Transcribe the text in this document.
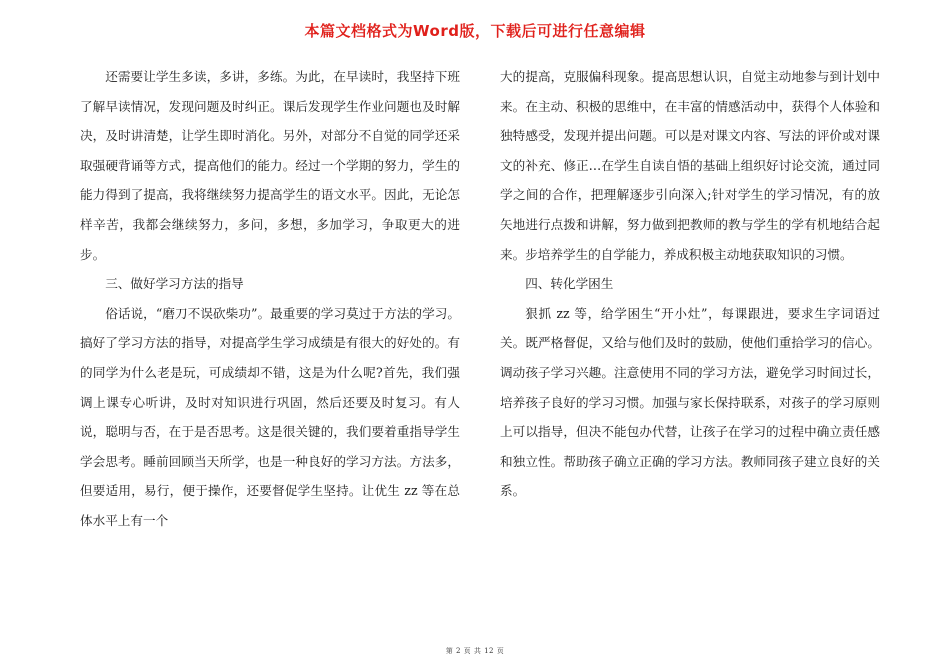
本篇文档格式为Word版，下载后可进行任意编辑

还需要让学生多读，多讲，多练。为此，在早读时，我坚持下班了解早读情况，发现问题及时纠正。课后发现学生作业问题也及时解决，及时讲清楚，让学生即时消化。另外，对部分不自觉的同学还采取强硬背诵等方式，提高他们的能力。经过一个学期的努力，学生的能力得到了提高，我将继续努力提高学生的语文水平。因此，无论怎样辛苦，我都会继续努力，多问，多想，多加学习，争取更大的进步。

三、做好学习方法的指导

俗话说，“磨刀不误砍柴功”。最重要的学习莫过于方法的学习。搞好了学习方法的指导，对提高学生学习成绩是有很大的好处的。有的同学为什么老是玩，可成绩却不错，这是为什么呢?首先，我们强调上课专心听讲，及时对知识进行巩固，然后还要及时复习。有人说，聪明与否，在于是否思考。这是很关键的，我们要着重指导学生学会思考。睡前回顾当天所学，也是一种良好的学习方法。方法多，但要适用，易行，便于操作，还要督促学生坚持。让优生 zz 等在总体水平上有一个

大的提高，克服偏科现象。提高思想认识，自觉主动地参与到计划中来。在主动、积极的思维中，在丰富的情感活动中，获得个人体验和独特感受，发现并提出问题。可以是对课文内容、写法的评价或对课文的补充、修正…在学生自读自悟的基础上组织好讨论交流，通过同学之间的合作，把理解逐步引向深入;针对学生的学习情况，有的放矢地进行点拨和讲解，努力做到把教师的教与学生的学有机地结合起来。步培养学生的自学能力，养成积极主动地获取知识的习惯。

四、转化学困生

狠抓 zz 等，给学困生“开小灶”，每课跟进，要求生字词语过关。既严格督促，又给与他们及时的鼓励，使他们重拾学习的信心。调动孩子学习兴趣。注意使用不同的学习方法，避免学习时间过长，培养孩子良好的学习习惯。加强与家长保持联系，对孩子的学习原则上可以指导，但决不能包办代替，让孩子在学习的过程中确立责任感和独立性。帮助孩子确立正确的学习方法。教师同孩子建立良好的关系。

第 2 页 共 12 页
